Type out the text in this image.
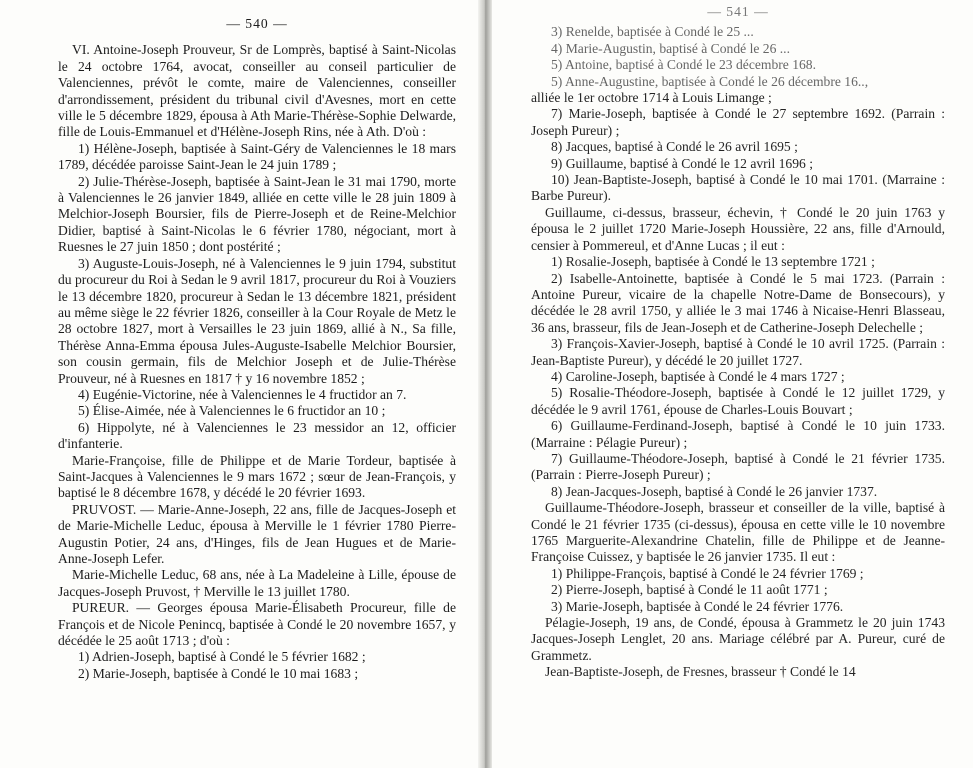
— 540 —

VI. Antoine-Joseph Prouveur, Sr de Lomprès, baptisé à Saint-Nicolas le 24 octobre 1764, avocat, conseiller au conseil particulier de Valenciennes, prévôt le comte, maire de Valenciennes, conseiller d'arrondissement, président du tribunal civil d'Avesnes, mort en cette ville le 5 décembre 1829, épousa à Ath Marie-Thérèse-Sophie Delwarde, fille de Louis-Emmanuel et d'Hélène-Joseph Rins, née à Ath. D'où :

1) Hélène-Joseph, baptisée à Saint-Géry de Valenciennes le 18 mars 1789, décédée paroisse Saint-Jean le 24 juin 1789 ;

2) Julie-Thérèse-Joseph, baptisée à Saint-Jean le 31 mai 1790, morte à Valenciennes le 26 janvier 1849, alliée en cette ville le 28 juin 1809 à Melchior-Joseph Boursier, fils de Pierre-Joseph et de Reine-Melchior Didier, baptisé à Saint-Nicolas le 6 février 1780, négociant, mort à Ruesnes le 27 juin 1850 ; dont postérité ;

3) Auguste-Louis-Joseph, né à Valenciennes le 9 juin 1794, substitut du procureur du Roi à Sedan le 9 avril 1817, procureur du Roi à Vouziers le 13 décembre 1820, procureur à Sedan le 13 décembre 1821, président au même siège le 22 février 1826, conseiller à la Cour Royale de Metz le 28 octobre 1827, mort à Versailles le 23 juin 1869, allié à N., Sa fille, Thérèse Anna-Emma épousa Jules-Auguste-Isabelle Melchior Boursier, son cousin germain, fils de Melchior Joseph et de Julie-Thérèse Prouveur, né à Ruesnes en 1817 † y 16 novembre 1852 ;

4) Eugénie-Victorine, née à Valenciennes le 4 fructidor an 7.

5) Élise-Aimée, née à Valenciennes le 6 fructidor an 10 ;

6) Hippolyte, né à Valenciennes le 23 messidor an 12, officier d'infanterie.

Marie-Françoise, fille de Philippe et de Marie Tordeur, baptisée à Saint-Jacques à Valenciennes le 9 mars 1672 ; sœur de Jean-François, y baptisé le 8 décembre 1678, y décédé le 20 février 1693.

PRUVOST. — Marie-Anne-Joseph, 22 ans, fille de Jacques-Joseph et de Marie-Michelle Leduc, épousa à Merville le 1 février 1780 Pierre-Augustin Potier, 24 ans, d'Hinges, fils de Jean Hugues et de Marie-Anne-Joseph Lefer.

Marie-Michelle Leduc, 68 ans, née à La Madeleine à Lille, épouse de Jacques-Joseph Pruvost, † Merville le 13 juillet 1780.

PUREUR. — Georges épousa Marie-Élisabeth Procureur, fille de François et de Nicole Penincq, baptisée à Condé le 20 novembre 1657, y décédée le 25 août 1713 ; d'où :

1) Adrien-Joseph, baptisé à Condé le 5 février 1682 ;

2) Marie-Joseph, baptisée à Condé le 10 mai 1683 ;

— 541 —

3) Renelde, baptisée à Condé le 25 ...

4) Marie-Augustin, baptisé à Condé le 26 ...

5) Antoine, baptisé à Condé le 23 décembre 168.

5) Anne-Augustine, baptisée à Condé le 26 décembre 16..,

alliée le 1er octobre 1714 à Louis Limange ;

7) Marie-Joseph, baptisée à Condé le 27 septembre 1692. (Parrain : Joseph Pureur) ;

8) Jacques, baptisé à Condé le 26 avril 1695 ;

9) Guillaume, baptisé à Condé le 12 avril 1696 ;

10) Jean-Baptiste-Joseph, baptisé à Condé le 10 mai 1701. (Marraine : Barbe Pureur).

Guillaume, ci-dessus, brasseur, échevin, † Condé le 20 juin 1763 y épousa le 2 juillet 1720 Marie-Joseph Houssière, 22 ans, fille d'Arnould, censier à Pommereul, et d'Anne Lucas ; il eut :

1) Rosalie-Joseph, baptisée à Condé le 13 septembre 1721 ;

2) Isabelle-Antoinette, baptisée à Condé le 5 mai 1723. (Parrain : Antoine Pureur, vicaire de la chapelle Notre-Dame de Bonsecours), y décédée le 28 avril 1750, y alliée le 3 mai 1746 à Nicaise-Henri Blasseau, 36 ans, brasseur, fils de Jean-Joseph et de Catherine-Joseph Delechelle ;

3) François-Xavier-Joseph, baptisé à Condé le 10 avril 1725. (Parrain : Jean-Baptiste Pureur), y décédé le 20 juillet 1727.

4) Caroline-Joseph, baptisée à Condé le 4 mars 1727 ;

5) Rosalie-Théodore-Joseph, baptisée à Condé le 12 juillet 1729, y décédée le 9 avril 1761, épouse de Charles-Louis Bouvart ;

6) Guillaume-Ferdinand-Joseph, baptisé à Condé le 10 juin 1733. (Marraine : Pélagie Pureur) ;

7) Guillaume-Théodore-Joseph, baptisé à Condé le 21 février 1735. (Parrain : Pierre-Joseph Pureur) ;

8) Jean-Jacques-Joseph, baptisé à Condé le 26 janvier 1737.

Guillaume-Théodore-Joseph, brasseur et conseiller de la ville, baptisé à Condé le 21 février 1735 (ci-dessus), épousa en cette ville le 10 novembre 1765 Marguerite-Alexandrine Chatelin, fille de Philippe et de Jeanne-Françoise Cuissez, y baptisée le 26 janvier 1735. Il eut :

1) Philippe-François, baptisé à Condé le 24 février 1769 ;

2) Pierre-Joseph, baptisé à Condé le 11 août 1771 ;

3) Marie-Joseph, baptisée à Condé le 24 février 1776.

Pélagie-Joseph, 19 ans, de Condé, épousa à Grammetz le 20 juin 1743 Jacques-Joseph Lenglet, 20 ans. Mariage célébré par A. Pureur, curé de Grammetz.

Jean-Baptiste-Joseph, de Fresnes, brasseur † Condé le 14
